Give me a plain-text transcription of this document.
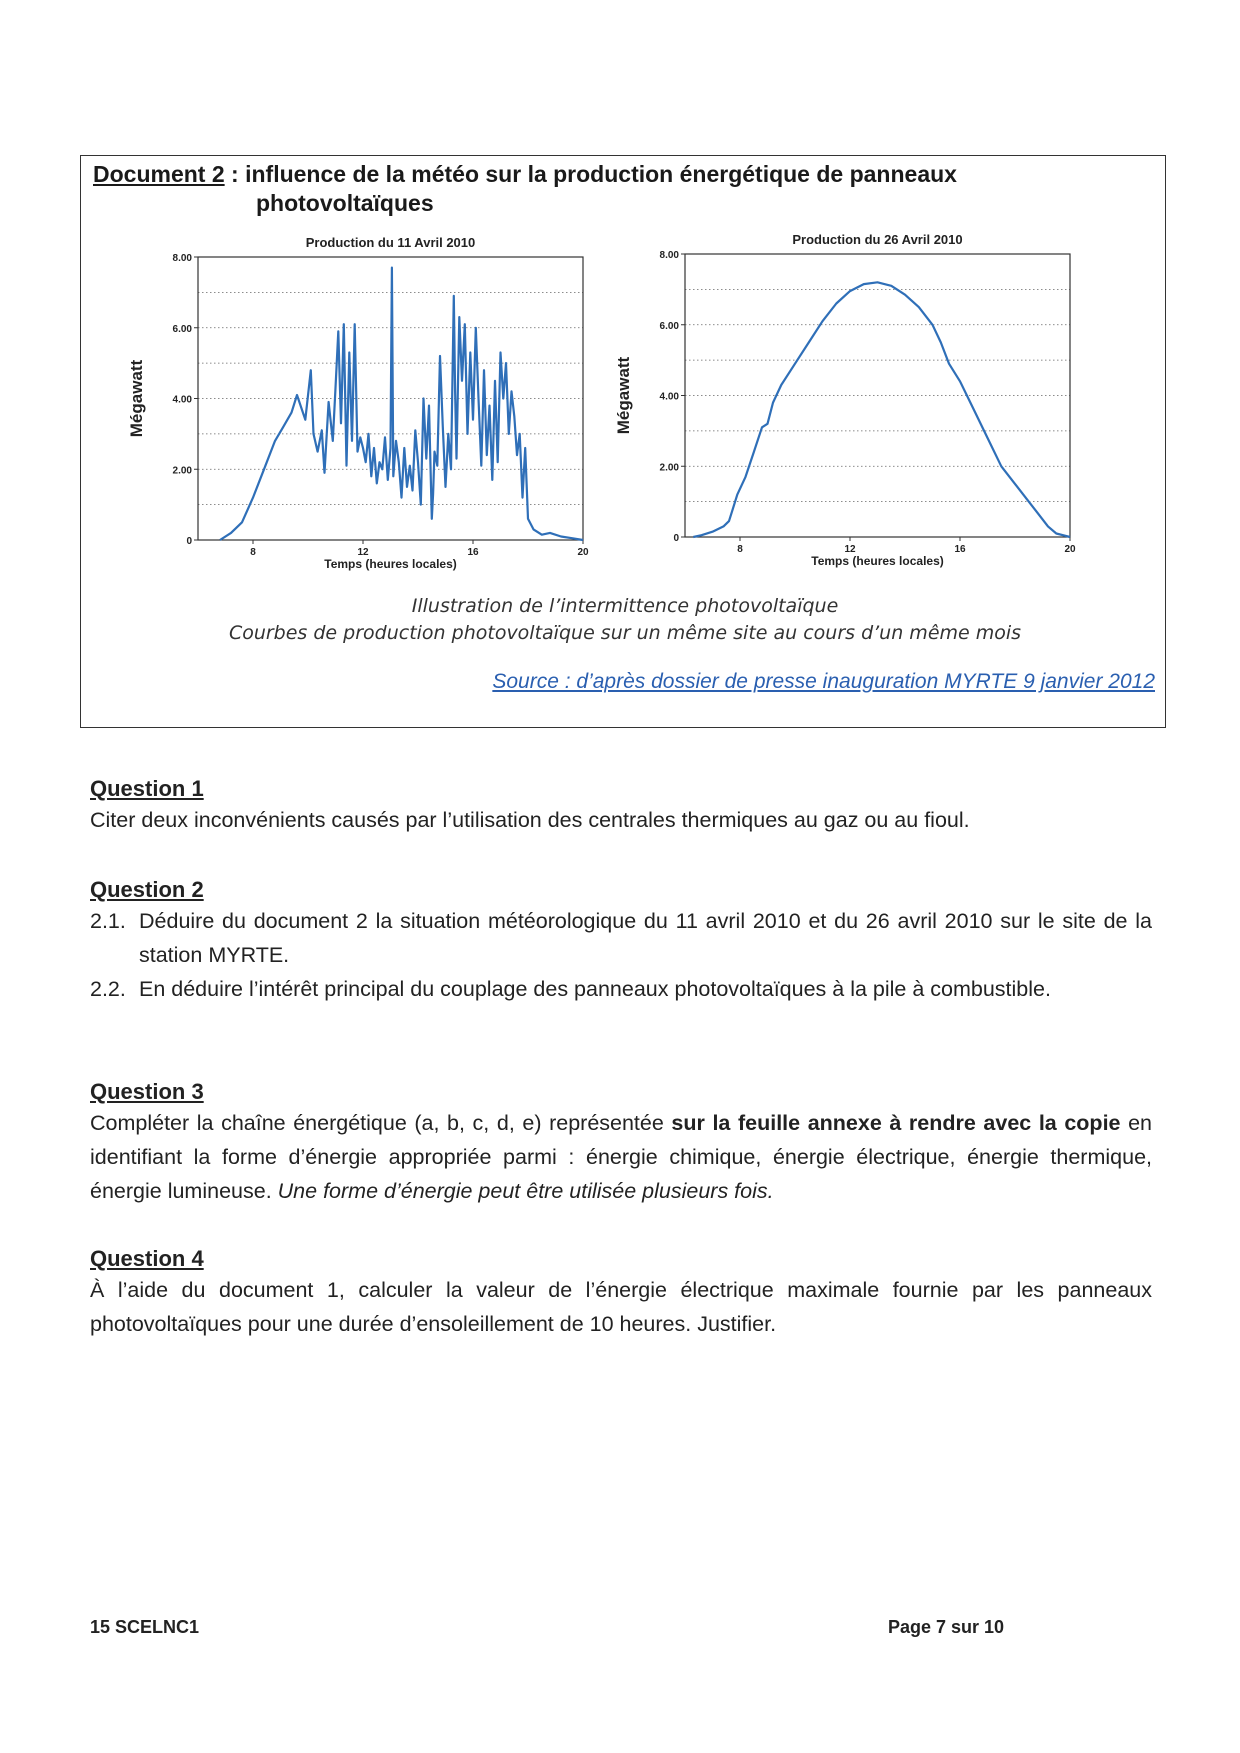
Document 2 : influence de la météo sur la production énergétique de panneaux
photovoltaïques
Production du 11 Avril 2010
0
2.00
4.00
6.00
8.00
8	12	16	20
Temps (heures locales)
Mégawatt
Production du 26 Avril 2010
0
2.00
4.00
6.00
8.00
8	12	16	20
Temps (heures locales)
Mégawatt
Illustration de l’intermittence photovoltaïque
Courbes de production photovoltaïque sur un même site au cours d’un même mois
Source : d’après dossier de presse inauguration MYRTE 9 janvier 2012
Question 1
Citer deux inconvénients causés par l’utilisation des centrales thermiques au gaz ou au fioul.
Question 2
2.1. Déduire du document 2 la situation météorologique du 11 avril 2010 et du 26 avril 2010 sur le site de la station MYRTE.
2.2. En déduire l’intérêt principal du couplage des panneaux photovoltaïques à la pile à combustible.
Question 3
Compléter la chaîne énergétique (a, b, c, d, e) représentée sur la feuille annexe à rendre avec la copie en identifiant la forme d’énergie appropriée parmi : énergie chimique, énergie électrique, énergie thermique, énergie lumineuse. Une forme d’énergie peut être utilisée plusieurs fois.
Question 4
À l’aide du document 1, calculer la valeur de l’énergie électrique maximale fournie par les panneaux photovoltaïques pour une durée d’ensoleillement de 10 heures. Justifier.
15 SCELNC1	Page 7 sur 10
